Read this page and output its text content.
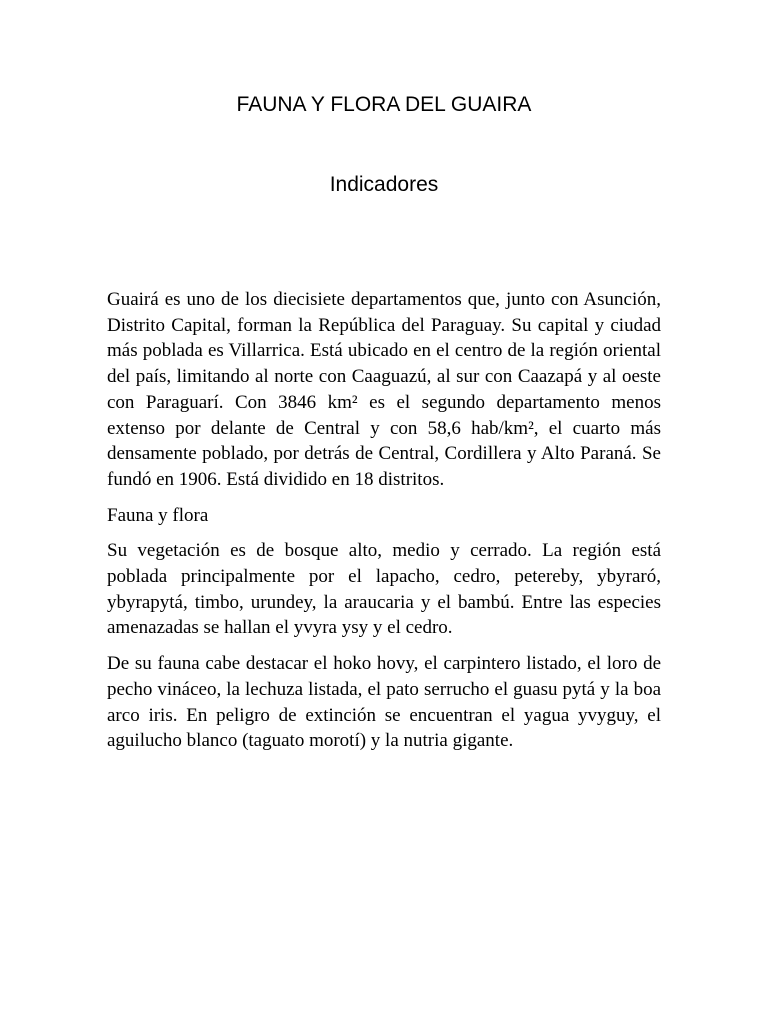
FAUNA Y FLORA DEL GUAIRA
Indicadores

Guairá es uno de los diecisiete departamentos que, junto con Asunción, Distrito Capital, forman la República del Paraguay. Su capital y ciudad más poblada es Villarrica. Está ubicado en el centro de la región oriental del país, limitando al norte con Caaguazú, al sur con Caazapá y al oeste con Paraguarí. Con 3846 km² es el segundo departamento menos extenso por delante de Central y con 58,6 hab/km², el cuarto más densamente poblado, por detrás de Central, Cordillera y Alto Paraná. Se fundó en 1906. Está dividido en 18 distritos.

Fauna y flora

Su vegetación es de bosque alto, medio y cerrado. La región está poblada principalmente por el lapacho, cedro, petereby, ybyraró, ybyrapytá, timbo, urundey, la araucaria y el bambú. Entre las especies amenazadas se hallan el yvyra ysy y el cedro.

De su fauna cabe destacar el hoko hovy, el carpintero listado, el loro de pecho vináceo, la lechuza listada, el pato serrucho el guasu pytá y la boa arco iris. En peligro de extinción se encuentran el yagua yvyguy, el aguilucho blanco (taguato morotí) y la nutria gigante.
